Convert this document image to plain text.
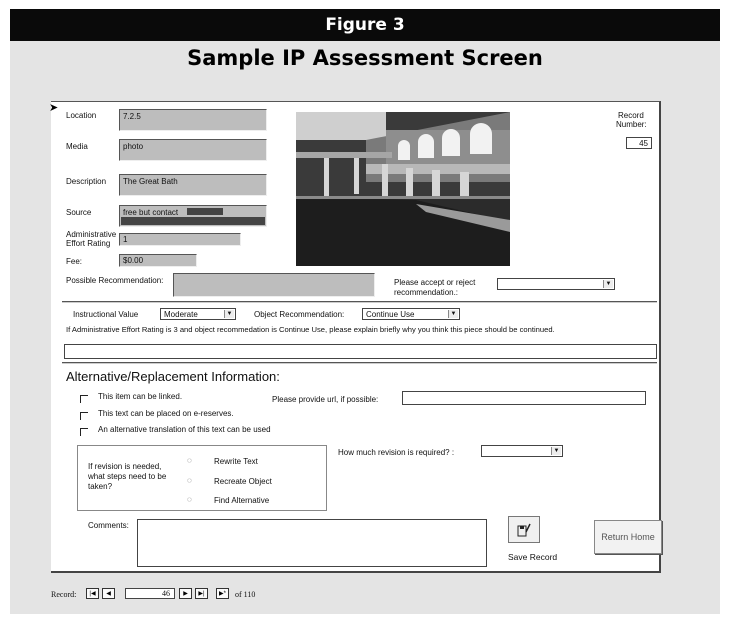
Figure 3
Sample IP Assessment Screen
➤
Location	7.2.5
Media	photo
Description	The Great Bath
Source	free but contact
Administrative
Effort Rating	1
Fee:	$0.00
Possible Recommendation:
Record
Number:
45
Please accept or reject
recommendation.:
▼
Instructional Value	Moderate	▼	Object Recommendation:	Continue Use	▼
If Administrative Effort Rating is 3 and object recommedation is Continue Use, please explain briefly why you think this piece should be continued.
Alternative/Replacement Information:
This item can be linked.
This text can be placed on e-reserves.
An alternative translation of this text can be used
Please provide url, if possible:
How much revision is required? :	▼
If revision is needed,
what steps need to be
taken?
◌	Rewrite Text
◌	Recreate Object
◌	Find Alternative
Comments:
Save Record
Return Home
Record:	|◀	◀	46	▶	▶|	▶*	of 110
